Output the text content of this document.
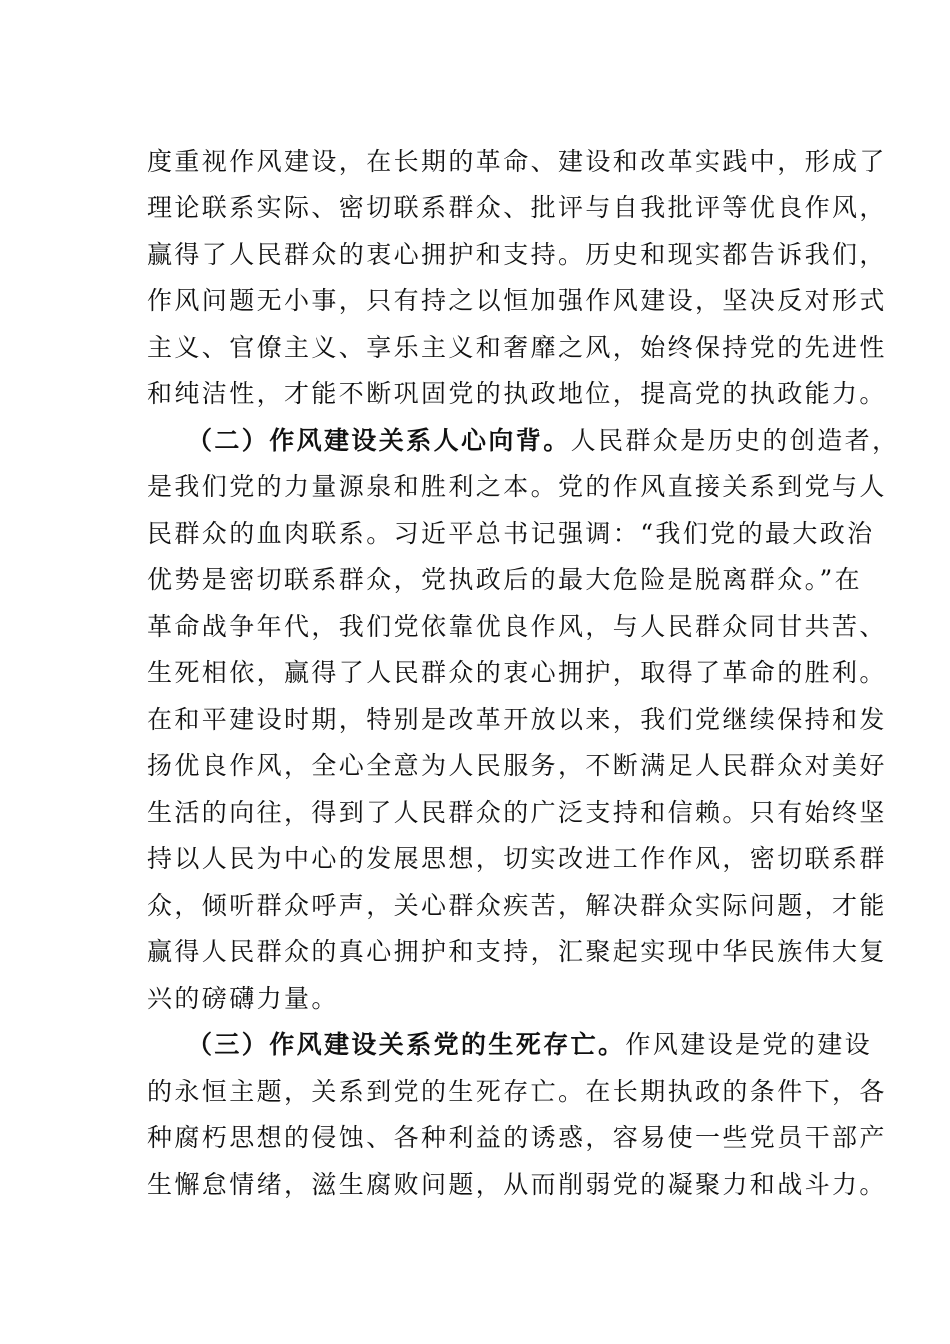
度重视作风建设，在长期的革命、建设和改革实践中，形成了
理论联系实际、密切联系群众、批评与自我批评等优良作风，
赢得了人民群众的衷心拥护和支持。历史和现实都告诉我们，
作风问题无小事，只有持之以恒加强作风建设，坚决反对形式
主义、官僚主义、享乐主义和奢靡之风，始终保持党的先进性
和纯洁性，才能不断巩固党的执政地位，提高党的执政能力。
（二）作风建设关系人心向背。人民群众是历史的创造者，
是我们党的力量源泉和胜利之本。党的作风直接关系到党与人
民群众的血肉联系。习近平总书记强调：“我们党的最大政治
优势是密切联系群众，党执政后的最大危险是脱离群众。”在
革命战争年代，我们党依靠优良作风，与人民群众同甘共苦、
生死相依，赢得了人民群众的衷心拥护，取得了革命的胜利。
在和平建设时期，特别是改革开放以来，我们党继续保持和发
扬优良作风，全心全意为人民服务，不断满足人民群众对美好
生活的向往，得到了人民群众的广泛支持和信赖。只有始终坚
持以人民为中心的发展思想，切实改进工作作风，密切联系群
众，倾听群众呼声，关心群众疾苦，解决群众实际问题，才能
赢得人民群众的真心拥护和支持，汇聚起实现中华民族伟大复
兴的磅礴力量。
（三）作风建设关系党的生死存亡。作风建设是党的建设
的永恒主题，关系到党的生死存亡。在长期执政的条件下，各
种腐朽思想的侵蚀、各种利益的诱惑，容易使一些党员干部产
生懈怠情绪，滋生腐败问题，从而削弱党的凝聚力和战斗力。
